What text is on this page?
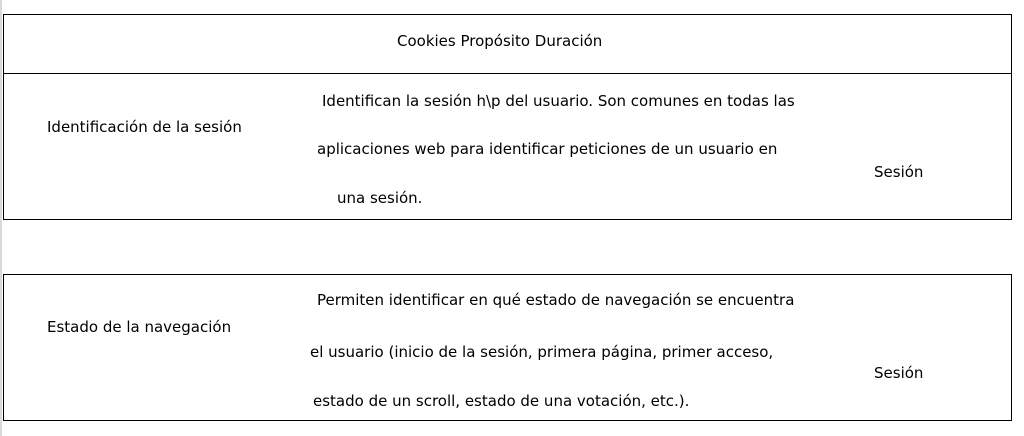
Cookies Propósito Duración
Identificación de la sesión
Identifican la sesión h\p del usuario. Son comunes en todas las
aplicaciones web para identificar peticiones de un usuario en
una sesión.
Sesión
Estado de la navegación
Permiten identificar en qué estado de navegación se encuentra
el usuario (inicio de la sesión, primera página, primer acceso,
estado de un scroll, estado de una votación, etc.).
Sesión
